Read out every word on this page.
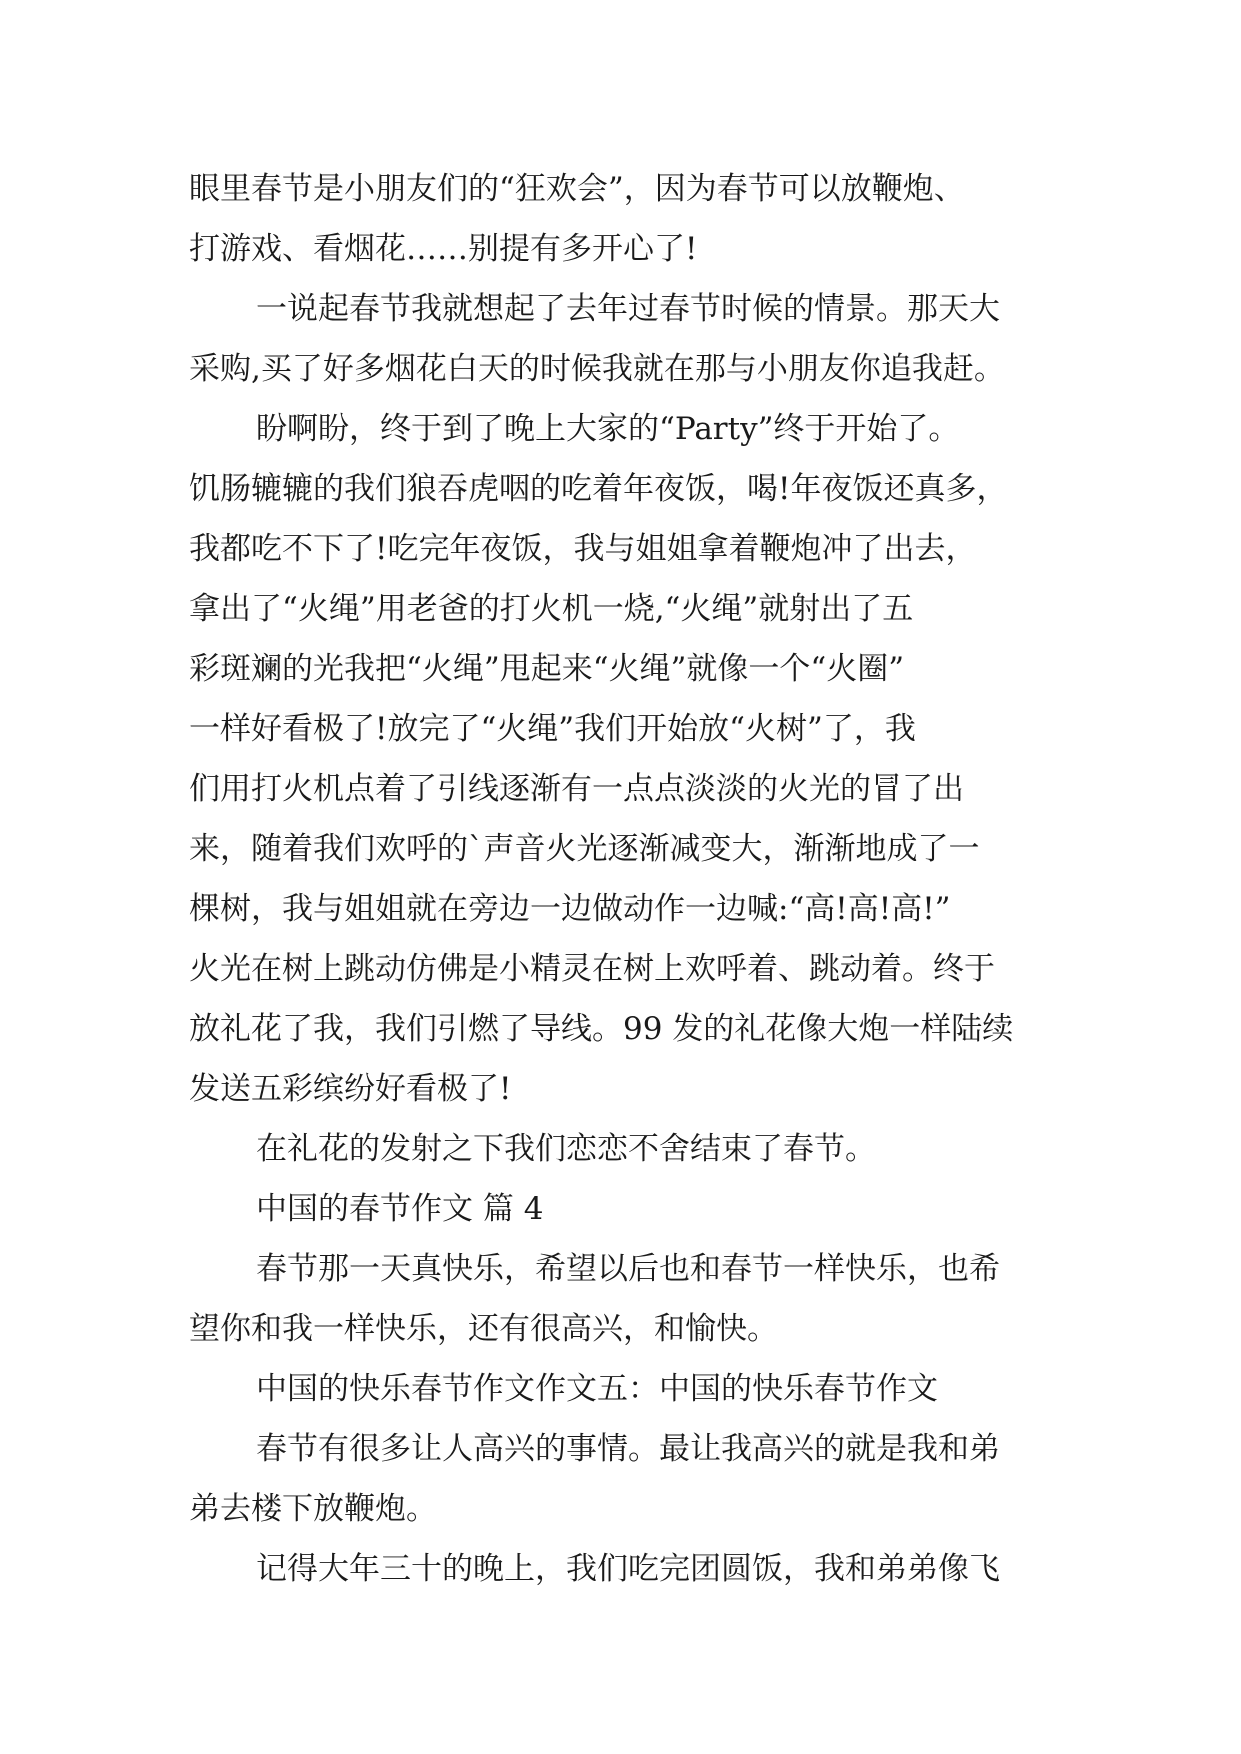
眼里春节是小朋友们的“狂欢会”，因为春节可以放鞭炮、
打游戏、看烟花……别提有多开心了!
一说起春节我就想起了去年过春节时候的情景。那天大
采购,买了好多烟花白天的时候我就在那与小朋友你追我赶。
盼啊盼，终于到了晚上大家的“Party”终于开始了。
饥肠辘辘的我们狼吞虎咽的吃着年夜饭，喝!年夜饭还真多，
我都吃不下了!吃完年夜饭，我与姐姐拿着鞭炮冲了出去，
拿出了“火绳”用老爸的打火机一烧,“火绳”就射出了五
彩斑斓的光我把“火绳”甩起来“火绳”就像一个“火圈”
一样好看极了!放完了“火绳”我们开始放“火树”了，我
们用打火机点着了引线逐渐有一点点淡淡的火光的冒了出
来，随着我们欢呼的`声音火光逐渐减变大，渐渐地成了一
棵树，我与姐姐就在旁边一边做动作一边喊:“高!高!高!”
火光在树上跳动仿佛是小精灵在树上欢呼着、跳动着。终于
放礼花了我，我们引燃了导线。99 发的礼花像大炮一样陆续
发送五彩缤纷好看极了!
在礼花的发射之下我们恋恋不舍结束了春节。
中国的春节作文 篇 4
春节那一天真快乐，希望以后也和春节一样快乐，也希
望你和我一样快乐，还有很高兴，和愉快。
中国的快乐春节作文作文五：中国的快乐春节作文
春节有很多让人高兴的事情。最让我高兴的就是我和弟
弟去楼下放鞭炮。
记得大年三十的晚上，我们吃完团圆饭，我和弟弟像飞
